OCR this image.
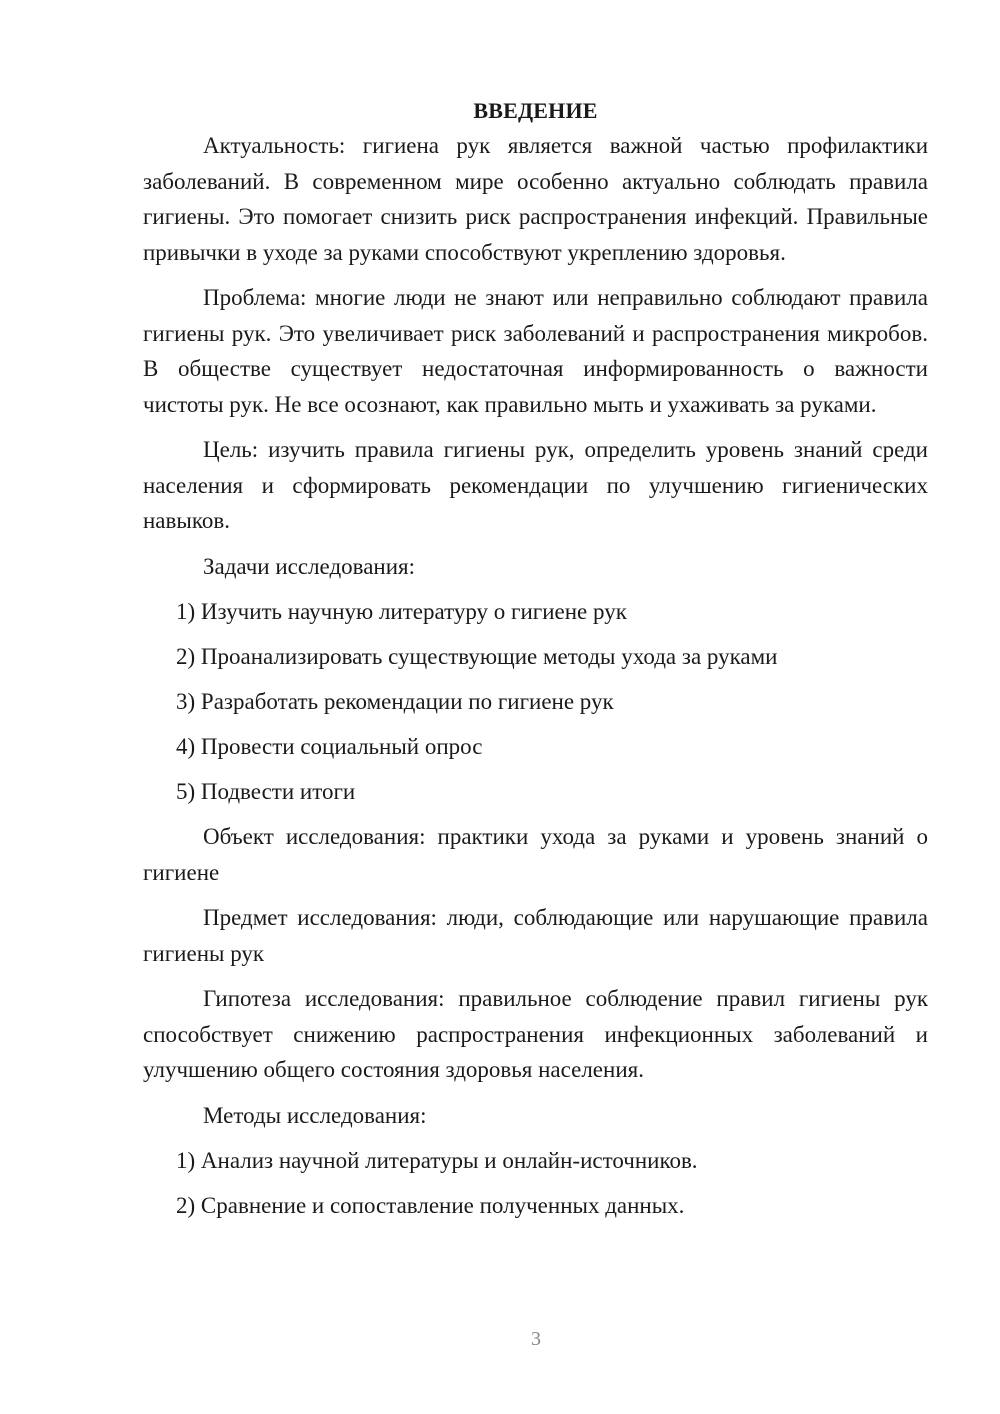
ВВЕДЕНИЕ

Актуальность: гигиена рук является важной частью профилактики заболеваний. В современном мире особенно актуально соблюдать правила гигиены. Это помогает снизить риск распространения инфекций. Правильные привычки в уходе за руками способствуют укреплению здоровья.

Проблема: многие люди не знают или неправильно соблюдают правила гигиены рук. Это увеличивает риск заболеваний и распространения микробов. В обществе существует недостаточная информированность о важности чистоты рук. Не все осознают, как правильно мыть и ухаживать за руками.

Цель: изучить правила гигиены рук, определить уровень знаний среди населения и сформировать рекомендации по улучшению гигиенических навыков.

Задачи исследования:

1) Изучить научную литературу о гигиене рук

2) Проанализировать существующие методы ухода за руками

3) Разработать рекомендации по гигиене рук

4) Провести социальный опрос

5) Подвести итоги

Объект исследования: практики ухода за руками и уровень знаний о гигиене

Предмет исследования: люди, соблюдающие или нарушающие правила гигиены рук

Гипотеза исследования: правильное соблюдение правил гигиены рук способствует снижению распространения инфекционных заболеваний и улучшению общего состояния здоровья населения.

Методы исследования:

1) Анализ научной литературы и онлайн-источников.

2) Сравнение и сопоставление полученных данных.

3
